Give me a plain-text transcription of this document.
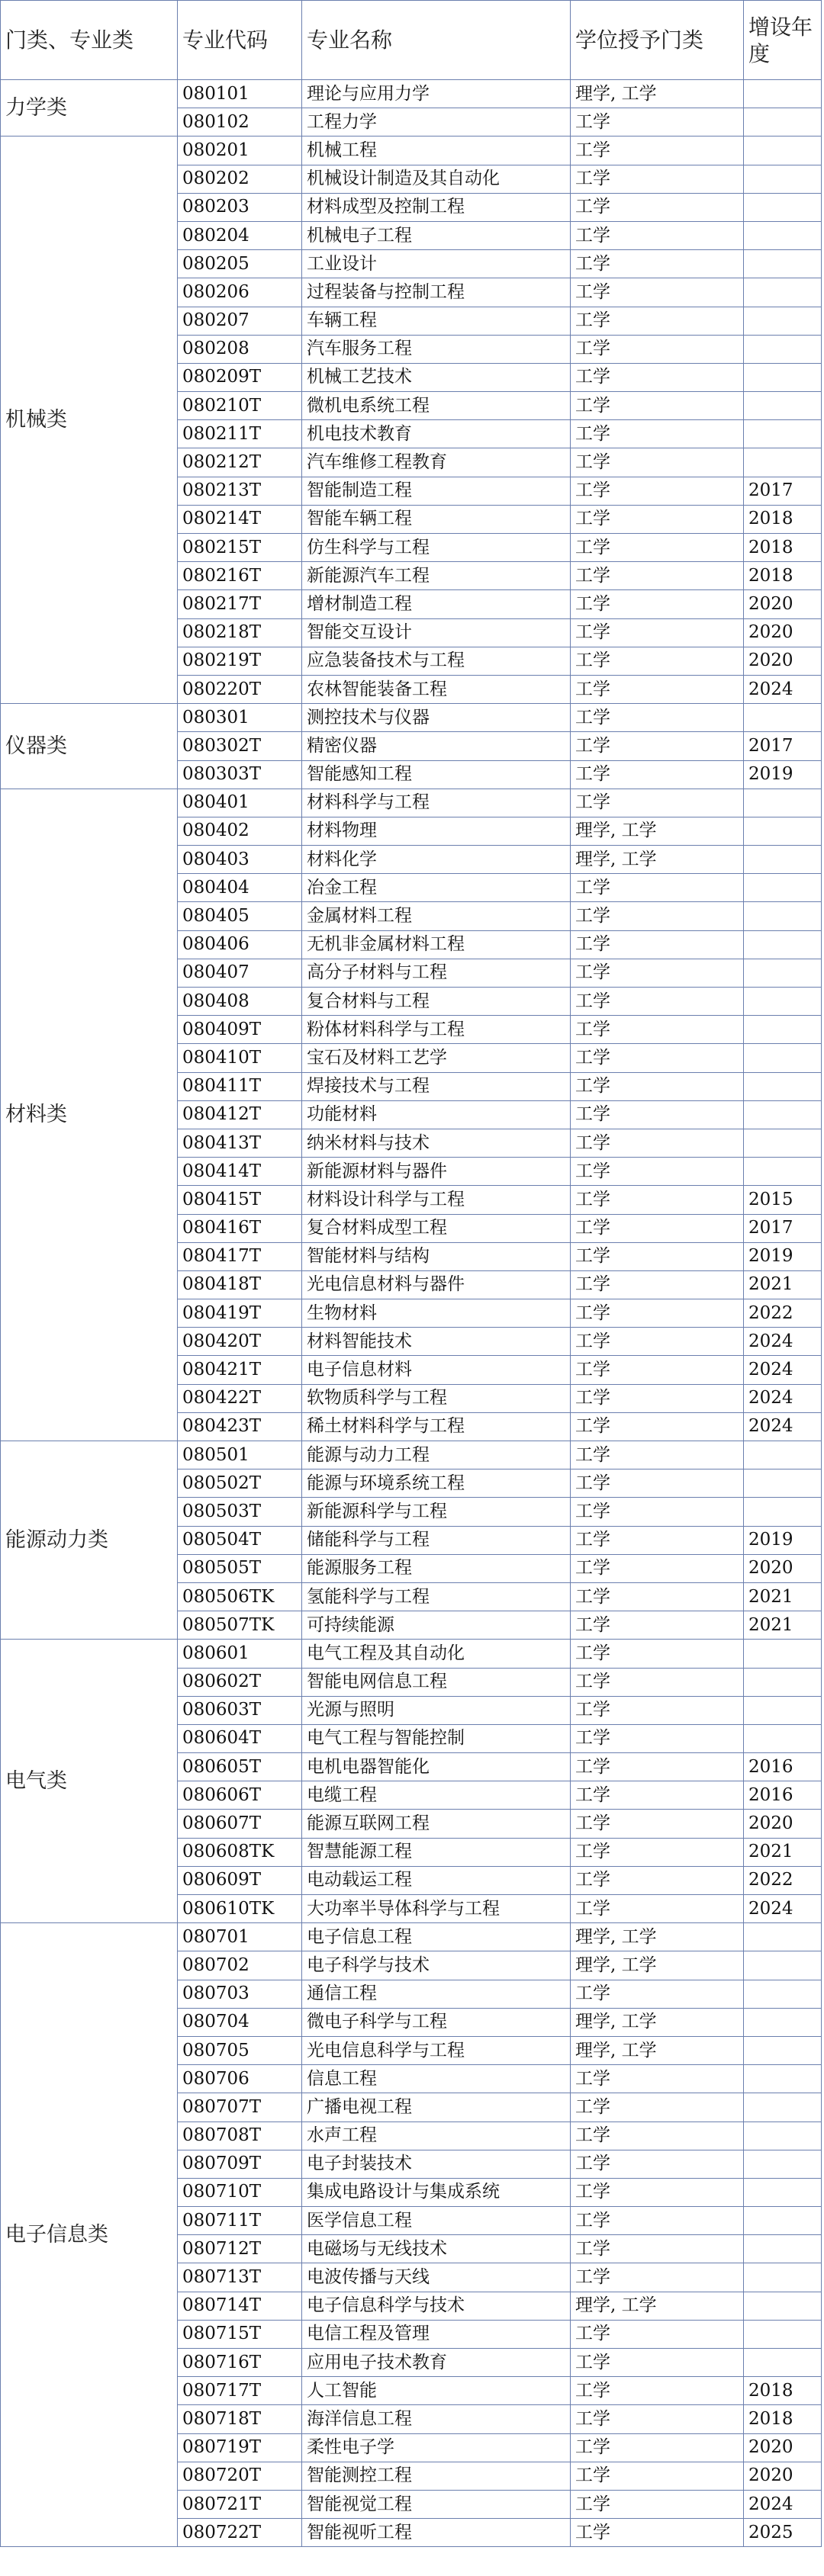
门类、专业类	专业代码	专业名称	学位授予门类	增设年度
力学类	080101	理论与应用力学	理学, 工学	
	080102	工程力学	工学	
机械类	080201	机械工程	工学	
	080202	机械设计制造及其自动化	工学	
	080203	材料成型及控制工程	工学	
	080204	机械电子工程	工学	
	080205	工业设计	工学	
	080206	过程装备与控制工程	工学	
	080207	车辆工程	工学	
	080208	汽车服务工程	工学	
	080209T	机械工艺技术	工学	
	080210T	微机电系统工程	工学	
	080211T	机电技术教育	工学	
	080212T	汽车维修工程教育	工学	
	080213T	智能制造工程	工学	2017
	080214T	智能车辆工程	工学	2018
	080215T	仿生科学与工程	工学	2018
	080216T	新能源汽车工程	工学	2018
	080217T	增材制造工程	工学	2020
	080218T	智能交互设计	工学	2020
	080219T	应急装备技术与工程	工学	2020
	080220T	农林智能装备工程	工学	2024
仪器类	080301	测控技术与仪器	工学	
	080302T	精密仪器	工学	2017
	080303T	智能感知工程	工学	2019
材料类	080401	材料科学与工程	工学	
	080402	材料物理	理学, 工学	
	080403	材料化学	理学, 工学	
	080404	冶金工程	工学	
	080405	金属材料工程	工学	
	080406	无机非金属材料工程	工学	
	080407	高分子材料与工程	工学	
	080408	复合材料与工程	工学	
	080409T	粉体材料科学与工程	工学	
	080410T	宝石及材料工艺学	工学	
	080411T	焊接技术与工程	工学	
	080412T	功能材料	工学	
	080413T	纳米材料与技术	工学	
	080414T	新能源材料与器件	工学	
	080415T	材料设计科学与工程	工学	2015
	080416T	复合材料成型工程	工学	2017
	080417T	智能材料与结构	工学	2019
	080418T	光电信息材料与器件	工学	2021
	080419T	生物材料	工学	2022
	080420T	材料智能技术	工学	2024
	080421T	电子信息材料	工学	2024
	080422T	软物质科学与工程	工学	2024
	080423T	稀土材料科学与工程	工学	2024
能源动力类	080501	能源与动力工程	工学	
	080502T	能源与环境系统工程	工学	
	080503T	新能源科学与工程	工学	
	080504T	储能科学与工程	工学	2019
	080505T	能源服务工程	工学	2020
	080506TK	氢能科学与工程	工学	2021
	080507TK	可持续能源	工学	2021
电气类	080601	电气工程及其自动化	工学	
	080602T	智能电网信息工程	工学	
	080603T	光源与照明	工学	
	080604T	电气工程与智能控制	工学	
	080605T	电机电器智能化	工学	2016
	080606T	电缆工程	工学	2016
	080607T	能源互联网工程	工学	2020
	080608TK	智慧能源工程	工学	2021
	080609T	电动载运工程	工学	2022
	080610TK	大功率半导体科学与工程	工学	2024
电子信息类	080701	电子信息工程	理学, 工学	
	080702	电子科学与技术	理学, 工学	
	080703	通信工程	工学	
	080704	微电子科学与工程	理学, 工学	
	080705	光电信息科学与工程	理学, 工学	
	080706	信息工程	工学	
	080707T	广播电视工程	工学	
	080708T	水声工程	工学	
	080709T	电子封装技术	工学	
	080710T	集成电路设计与集成系统	工学	
	080711T	医学信息工程	工学	
	080712T	电磁场与无线技术	工学	
	080713T	电波传播与天线	工学	
	080714T	电子信息科学与技术	理学, 工学	
	080715T	电信工程及管理	工学	
	080716T	应用电子技术教育	工学	
	080717T	人工智能	工学	2018
	080718T	海洋信息工程	工学	2018
	080719T	柔性电子学	工学	2020
	080720T	智能测控工程	工学	2020
	080721T	智能视觉工程	工学	2024
	080722T	智能视听工程	工学	2025
